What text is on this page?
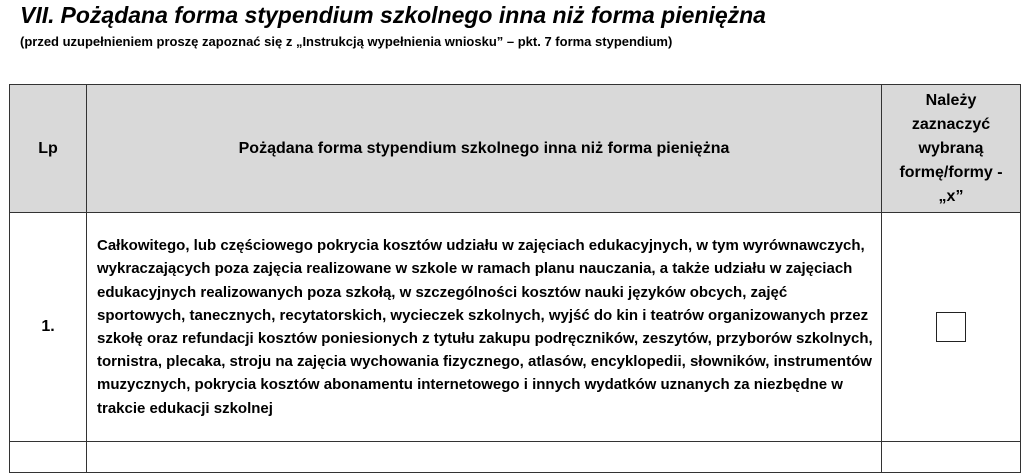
VII. Pożądana forma stypendium szkolnego inna niż forma pieniężna
(przed uzupełnieniem proszę zapoznać się z „Instrukcją wypełnienia wniosku” – pkt. 7 forma stypendium)
Lp	Pożądana forma stypendium szkolnego inna niż forma pieniężna	Należy zaznaczyć wybraną formę/formy -„x”
1.	Całkowitego, lub częściowego pokrycia kosztów udziału w zajęciach edukacyjnych, w tym wyrównawczych, wykraczających poza zajęcia realizowane w szkole w ramach planu nauczania, a także udziału w zajęciach edukacyjnych realizowanych poza szkołą, w szczególności kosztów nauki języków obcych, zajęć sportowych, tanecznych, recytatorskich, wycieczek szkolnych, wyjść do kin i teatrów organizowanych przez szkołę oraz refundacji kosztów poniesionych z tytułu zakupu podręczników, zeszytów, przyborów szkolnych, tornistra, plecaka, stroju na zajęcia wychowania fizycznego, atlasów, encyklopedii, słowników, instrumentów muzycznych, pokrycia kosztów abonamentu internetowego i innych wydatków uznanych za niezbędne w trakcie edukacji szkolnej	
